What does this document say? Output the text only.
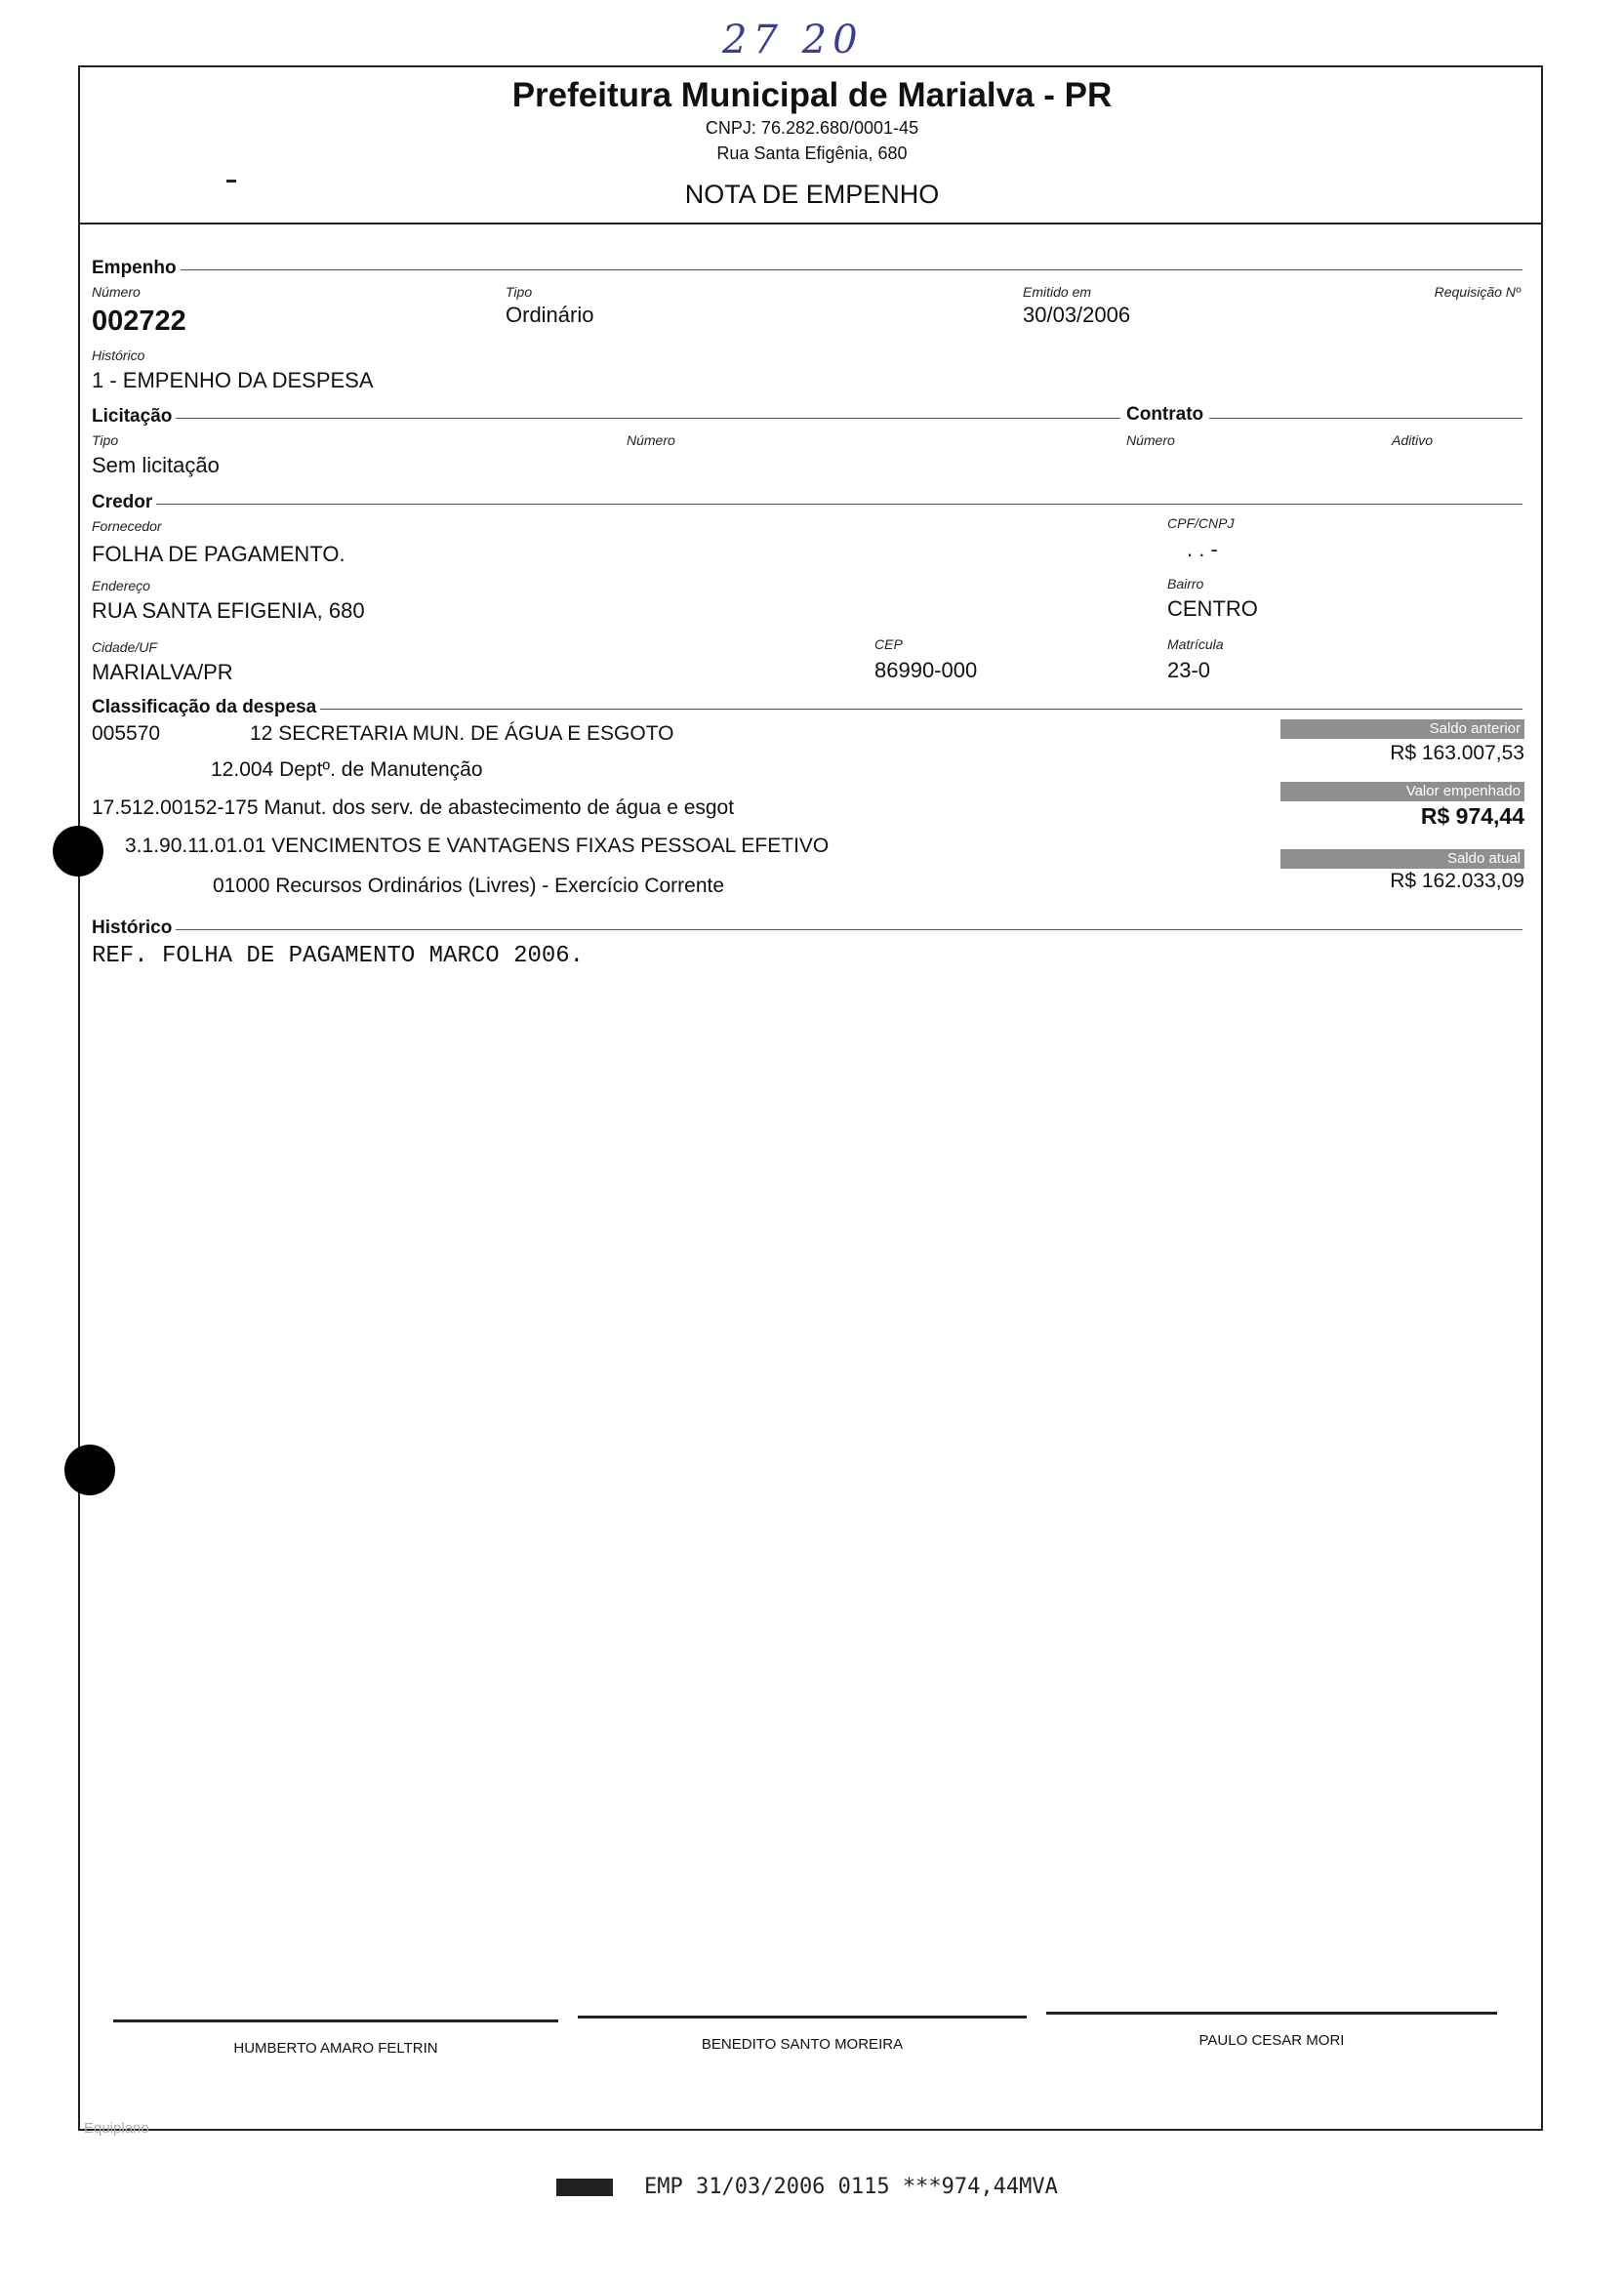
27 20
Prefeitura Municipal de Marialva - PR
CNPJ: 76.282.680/0001-45
Rua Santa Efigênia, 680
NOTA DE EMPENHO
Empenho
Número
002722
Tipo
Ordinário
Emitido em
30/03/2006
Requisição Nº
Histórico
1 - EMPENHO DA DESPESA
Licitação	Contrato
Tipo
Sem licitação
Número	Número	Aditivo
Credor
Fornecedor
FOLHA DE PAGAMENTO.
CPF/CNPJ
. . -
Endereço
RUA SANTA EFIGENIA, 680
Bairro
CENTRO
Cidade/UF
MARIALVA/PR
CEP
86990-000
Matrícula
23-0
Classificação da despesa
005570	12 SECRETARIA MUN. DE ÁGUA E ESGOTO
12.004 Deptº. de Manutenção
17.512.00152-175 Manut. dos serv. de abastecimento de água e esgot
3.1.90.11.01.01 VENCIMENTOS E VANTAGENS FIXAS PESSOAL EFETIVO
01000 Recursos Ordinários (Livres) - Exercício Corrente
Saldo anterior
R$ 163.007,53
Valor empenhado
R$ 974,44
Saldo atual
R$ 162.033,09
Histórico
REF. FOLHA DE PAGAMENTO MARCO 2006.
HUMBERTO AMARO FELTRIN	BENEDITO SANTO MOREIRA	PAULO CESAR MORI
Equiplano
EMP 31/03/2006 0115 ***974,44MVA
